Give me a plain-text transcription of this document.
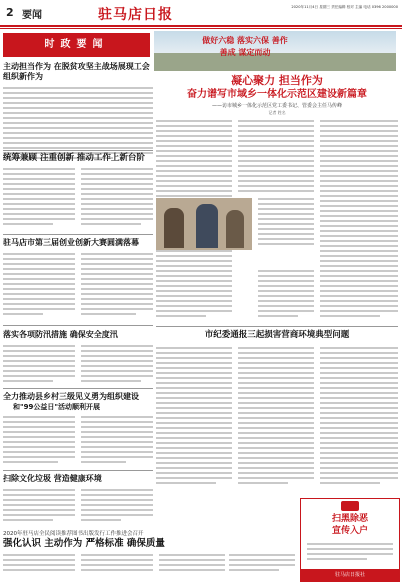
2 要闻	驻马店日报	2020年11月4日 星期三 责任编辑 校对 主编 电话 0396 2000000
时政要闻	做好六稳 落实六保 善作善成 谋定而动
主动担当作为 在脱贫攻坚主战场展现工会组织新作为	凝心聚力 担当作为
奋力谱写市域乡一体化示范区建设新篇章
——访市城乡一体化示范区党工委书记、管委会主任马传峰
记者 姓名
统筹兼顾 注重创新 推动工作上新台阶
驻马店市第三届创业创新大赛圆满落幕
落实各项防汛措施 确保安全度汛
全力推动县乡村三级见义勇为组织建设
和"99公益日"活动顺利开展
扫除文化垃圾 营造健康环境
2020年驻马店全民阅读推荐图书出版发行工作推进会召开
强化认识 主动作为 严格标准 确保质量
市纪委通报三起损害营商环境典型问题
扫黑除恶
宣传入户
驻马店日报社
